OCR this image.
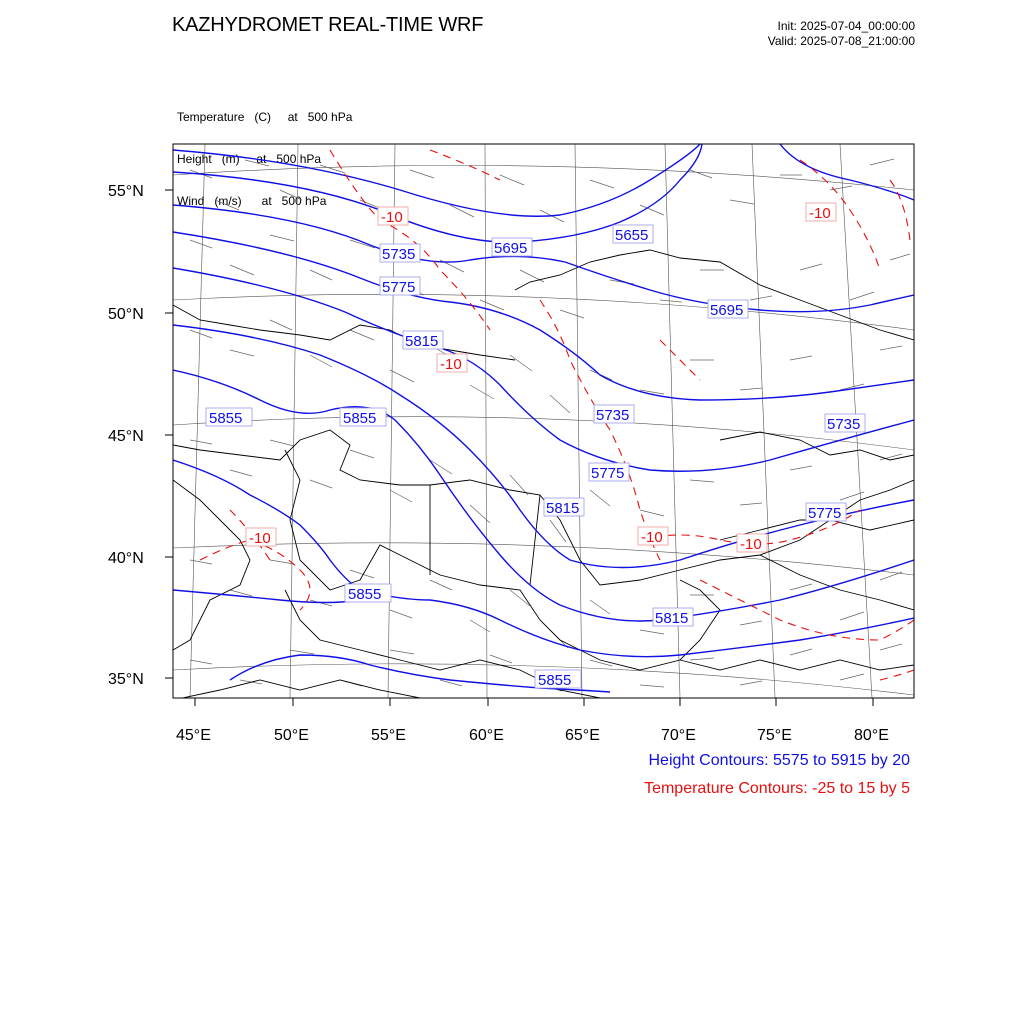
KAZHYDROMET REAL-TIME WRF	Init: 2025-07-04_00:00:00
Valid: 2025-07-08_21:00:00

Temperature   (C)     at   500 hPa

Height   (m)     at   500 hPa

Wind   (m/s)      at   500 hPa

55°N
50°N
45°N
40°N
35°N
45°E	50°E	55°E	60°E	65°E	70°E	75°E	80°E
5655
5695
5695
5735
5735
5735
5775
5775
5775
5815
5815
5815
5855	5855
5855
5855
-10
-10
-10
-10	-10	-10
Height Contours: 5575 to 5915 by 20
Temperature Contours: -25 to 15 by 5
